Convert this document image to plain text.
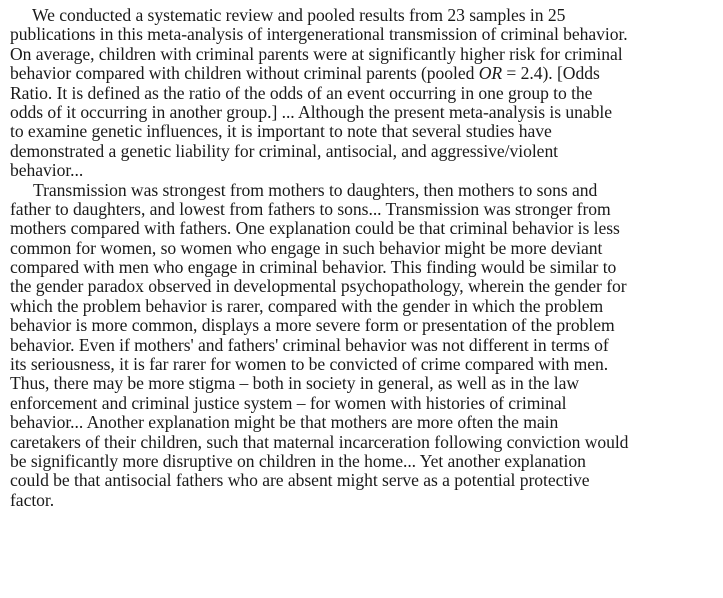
We conducted a systematic review and pooled results from 23 samples in 25
publications in this meta-analysis of intergenerational transmission of criminal behavior.
On average, children with criminal parents were at significantly higher risk for criminal
behavior compared with children without criminal parents (pooled OR = 2.4). [Odds
Ratio. It is defined as the ratio of the odds of an event occurring in one group to the
odds of it occurring in another group.] ... Although the present meta-analysis is unable
to examine genetic influences, it is important to note that several studies have
demonstrated a genetic liability for criminal, antisocial, and aggressive/violent
behavior...
Transmission was strongest from mothers to daughters, then mothers to sons and
father to daughters, and lowest from fathers to sons... Transmission was stronger from
mothers compared with fathers. One explanation could be that criminal behavior is less
common for women, so women who engage in such behavior might be more deviant
compared with men who engage in criminal behavior. This finding would be similar to
the gender paradox observed in developmental psychopathology, wherein the gender for
which the problem behavior is rarer, compared with the gender in which the problem
behavior is more common, displays a more severe form or presentation of the problem
behavior. Even if mothers' and fathers' criminal behavior was not different in terms of
its seriousness, it is far rarer for women to be convicted of crime compared with men.
Thus, there may be more stigma – both in society in general, as well as in the law
enforcement and criminal justice system – for women with histories of criminal
behavior... Another explanation might be that mothers are more often the main
caretakers of their children, such that maternal incarceration following conviction would
be significantly more disruptive on children in the home... Yet another explanation
could be that antisocial fathers who are absent might serve as a potential protective
factor.
